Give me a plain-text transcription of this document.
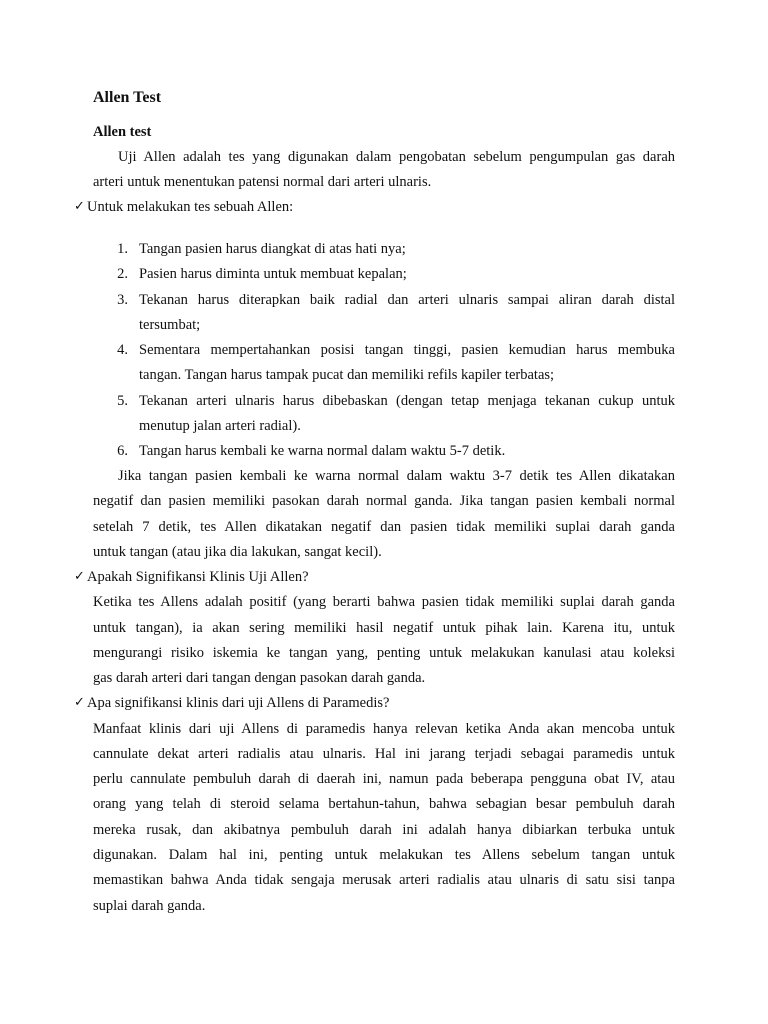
Allen Test
Allen test
Uji Allen adalah tes yang digunakan dalam pengobatan sebelum pengumpulan gas darah
arteri untuk menentukan patensi normal dari arteri ulnaris.
✓ Untuk melakukan tes sebuah Allen:
1. Tangan pasien harus diangkat di atas hati nya;
2. Pasien harus diminta untuk membuat kepalan;
3. Tekanan harus diterapkan baik radial dan arteri ulnaris sampai aliran darah distal
tersumbat;
4. Sementara mempertahankan posisi tangan tinggi, pasien kemudian harus membuka
tangan. Tangan harus tampak pucat dan memiliki refils kapiler terbatas;
5. Tekanan arteri ulnaris harus dibebaskan (dengan tetap menjaga tekanan cukup untuk
menutup jalan arteri radial).
6. Tangan harus kembali ke warna normal dalam waktu 5-7 detik.
Jika tangan pasien kembali ke warna normal dalam waktu 3-7 detik tes Allen dikatakan
negatif dan pasien memiliki pasokan darah normal ganda. Jika tangan pasien kembali normal
setelah 7 detik, tes Allen dikatakan negatif dan pasien tidak memiliki suplai darah ganda
untuk tangan (atau jika dia lakukan, sangat kecil).
✓ Apakah Signifikansi Klinis Uji Allen?
Ketika tes Allens adalah positif (yang berarti bahwa pasien tidak memiliki suplai darah ganda
untuk tangan), ia akan sering memiliki hasil negatif untuk pihak lain. Karena itu, untuk
mengurangi risiko iskemia ke tangan yang, penting untuk melakukan kanulasi atau koleksi
gas darah arteri dari tangan dengan pasokan darah ganda.
✓ Apa signifikansi klinis dari uji Allens di Paramedis?
Manfaat klinis dari uji Allens di paramedis hanya relevan ketika Anda akan mencoba untuk
cannulate dekat arteri radialis atau ulnaris. Hal ini jarang terjadi sebagai paramedis untuk
perlu cannulate pembuluh darah di daerah ini, namun pada beberapa pengguna obat IV, atau
orang yang telah di steroid selama bertahun-tahun, bahwa sebagian besar pembuluh darah
mereka rusak, dan akibatnya pembuluh darah ini adalah hanya dibiarkan terbuka untuk
digunakan. Dalam hal ini, penting untuk melakukan tes Allens sebelum tangan untuk
memastikan bahwa Anda tidak sengaja merusak arteri radialis atau ulnaris di satu sisi tanpa
suplai darah ganda.
